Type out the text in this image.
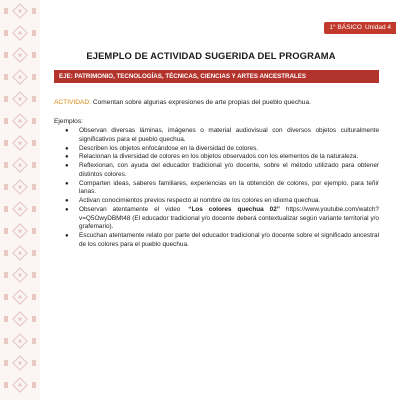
1° BÁSICO Unidad 4
EJEMPLO DE ACTIVIDAD SUGERIDA DEL PROGRAMA
EJE: PATRIMONIO, TECNOLOGÍAS, TÉCNICAS, CIENCIAS Y ARTES ANCESTRALES
ACTIVIDAD: Comentan sobre algunas expresiones de arte propias del pueblo quechua.
Ejemplos:
● Observan diversas láminas, imágenes o material audiovisual con diversos objetos culturalmente significativos para el pueblo quechua.
● Describen los objetos enfocándose en la diversidad de colores.
● Relacionan la diversidad de colores en los objetos observados con los elementos de la naturaleza.
● Reflexionan, con ayuda del educador tradicional y/o docente, sobre el método utilizado para obtener distintos colores.
● Comparten ideas, saberes familiares, experiencias en la obtención de colores, por ejemplo, para teñir lanas.
● Activan conocimientos previos respecto al nombre de los colores en idioma quechua.
● Observan atentamente el video “Los colores quechua 02” https://www.youtube.com/watch?v=Q5OwyDBMt48 (El educador tradicional y/o docente deberá contextualizar según variante territorial y/o grafemario).
● Escuchan atentamente relato por parte del educador tradicional y/o docente sobre el significado ancestral de los colores para el pueblo quechua.
